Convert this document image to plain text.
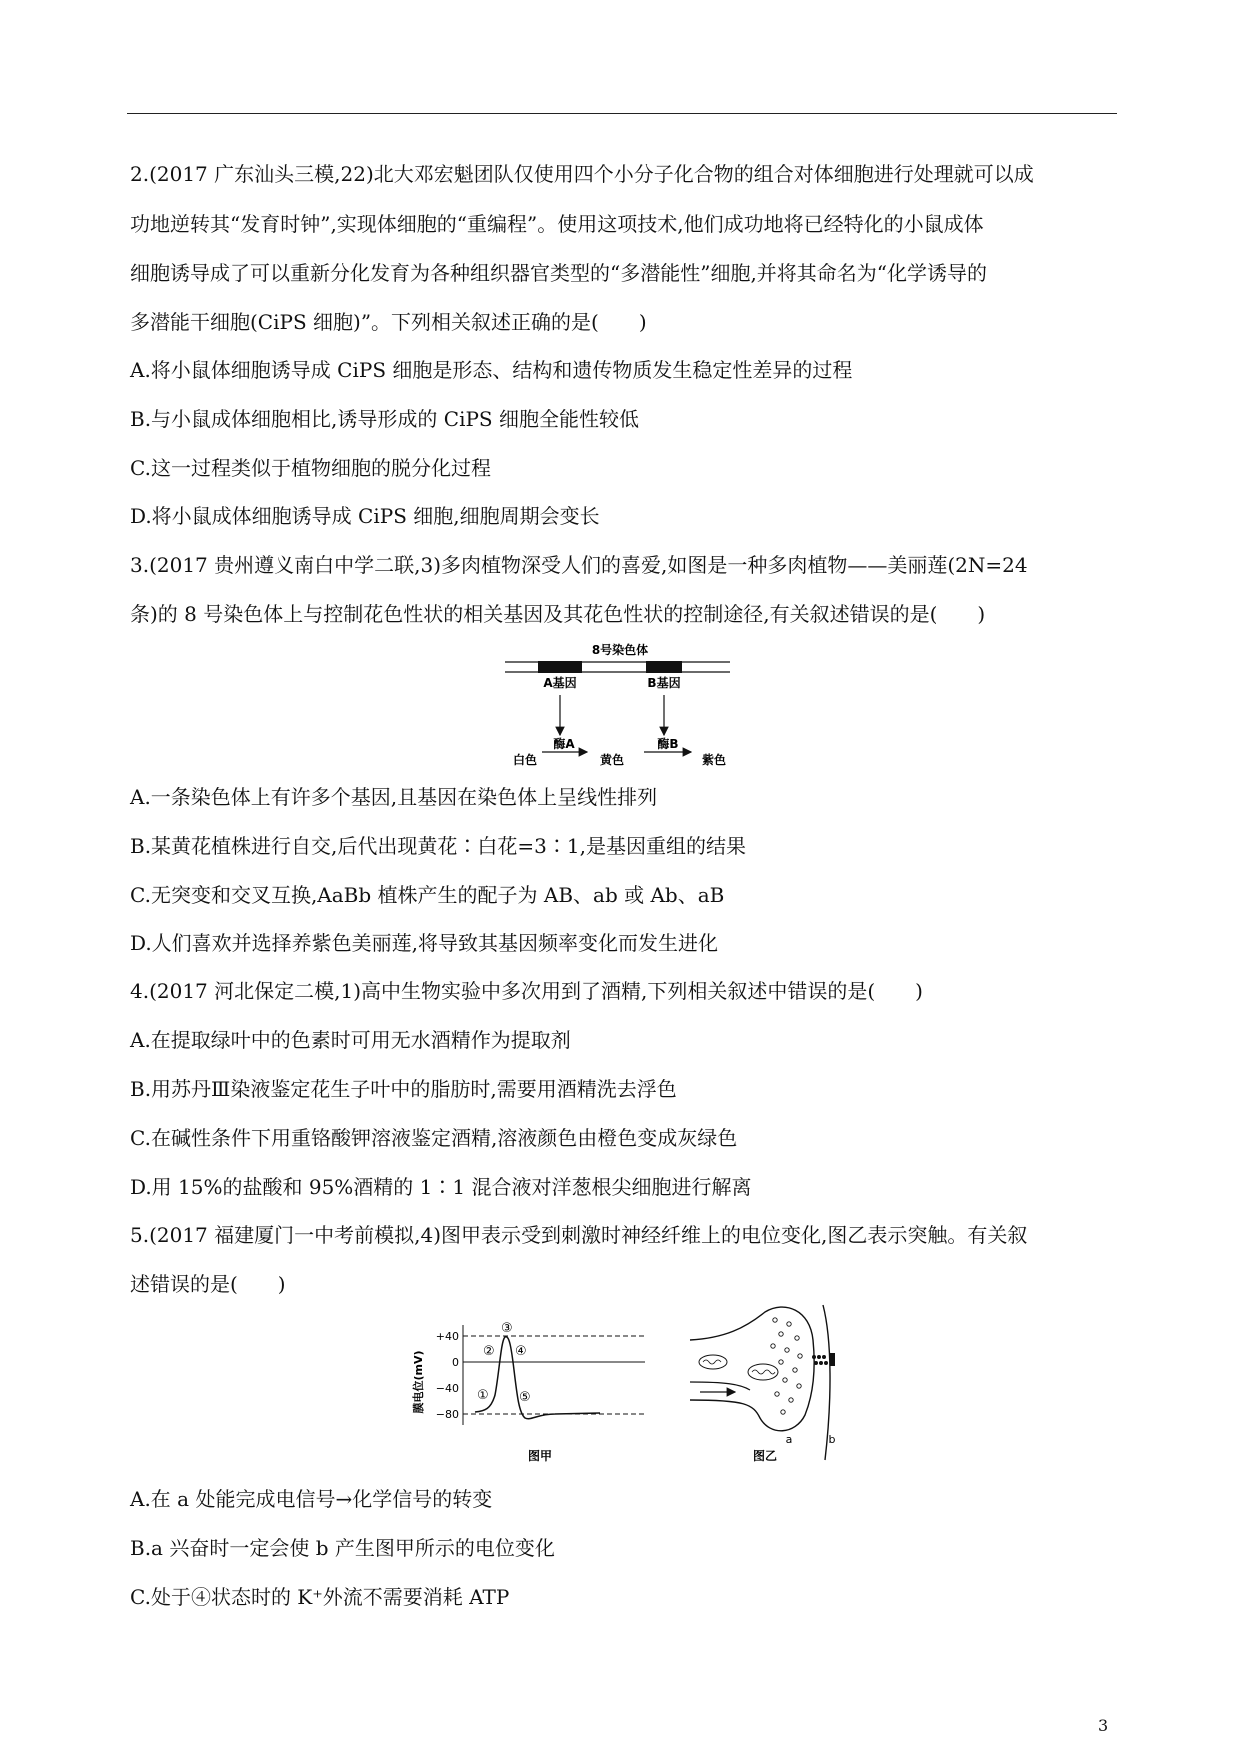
2.(2017 广东汕头三模,22)北大邓宏魁团队仅使用四个小分子化合物的组合对体细胞进行处理就可以成
功地逆转其“发育时钟”,实现体细胞的“重编程”。使用这项技术,他们成功地将已经特化的小鼠成体
细胞诱导成了可以重新分化发育为各种组织器官类型的“多潜能性”细胞,并将其命名为“化学诱导的
多潜能干细胞(CiPS 细胞)”。下列相关叙述正确的是(　　)
A.将小鼠体细胞诱导成 CiPS 细胞是形态、结构和遗传物质发生稳定性差异的过程
B.与小鼠成体细胞相比,诱导形成的 CiPS 细胞全能性较低
C.这一过程类似于植物细胞的脱分化过程
D.将小鼠成体细胞诱导成 CiPS 细胞,细胞周期会变长
3.(2017 贵州遵义南白中学二联,3)多肉植物深受人们的喜爱,如图是一种多肉植物——美丽莲(2N=24
条)的 8 号染色体上与控制花色性状的相关基因及其花色性状的控制途径,有关叙述错误的是(　　)
8号染色体
A基因	B基因
酶A	酶B
白色	黄色	紫色
A.一条染色体上有许多个基因,且基因在染色体上呈线性排列
B.某黄花植株进行自交,后代出现黄花∶白花=3∶1,是基因重组的结果
C.无突变和交叉互换,AaBb 植株产生的配子为 AB、ab 或 Ab、aB
D.人们喜欢并选择养紫色美丽莲,将导致其基因频率变化而发生进化
4.(2017 河北保定二模,1)高中生物实验中多次用到了酒精,下列相关叙述中错误的是(　　)
A.在提取绿叶中的色素时可用无水酒精作为提取剂
B.用苏丹Ⅲ染液鉴定花生子叶中的脂肪时,需要用酒精洗去浮色
C.在碱性条件下用重铬酸钾溶液鉴定酒精,溶液颜色由橙色变成灰绿色
D.用 15%的盐酸和 95%酒精的 1∶1 混合液对洋葱根尖细胞进行解离
5.(2017 福建厦门一中考前模拟,4)图甲表示受到刺激时神经纤维上的电位变化,图乙表示突触。有关叙
述错误的是(　　)
膜电位(mV)
+40
0
−40
−80
①
②
③
④
⑤
图甲
a	b
图乙
A.在 a 处能完成电信号→化学信号的转变
B.a 兴奋时一定会使 b 产生图甲所示的电位变化
C.处于④状态时的 K⁺外流不需要消耗 ATP
3
